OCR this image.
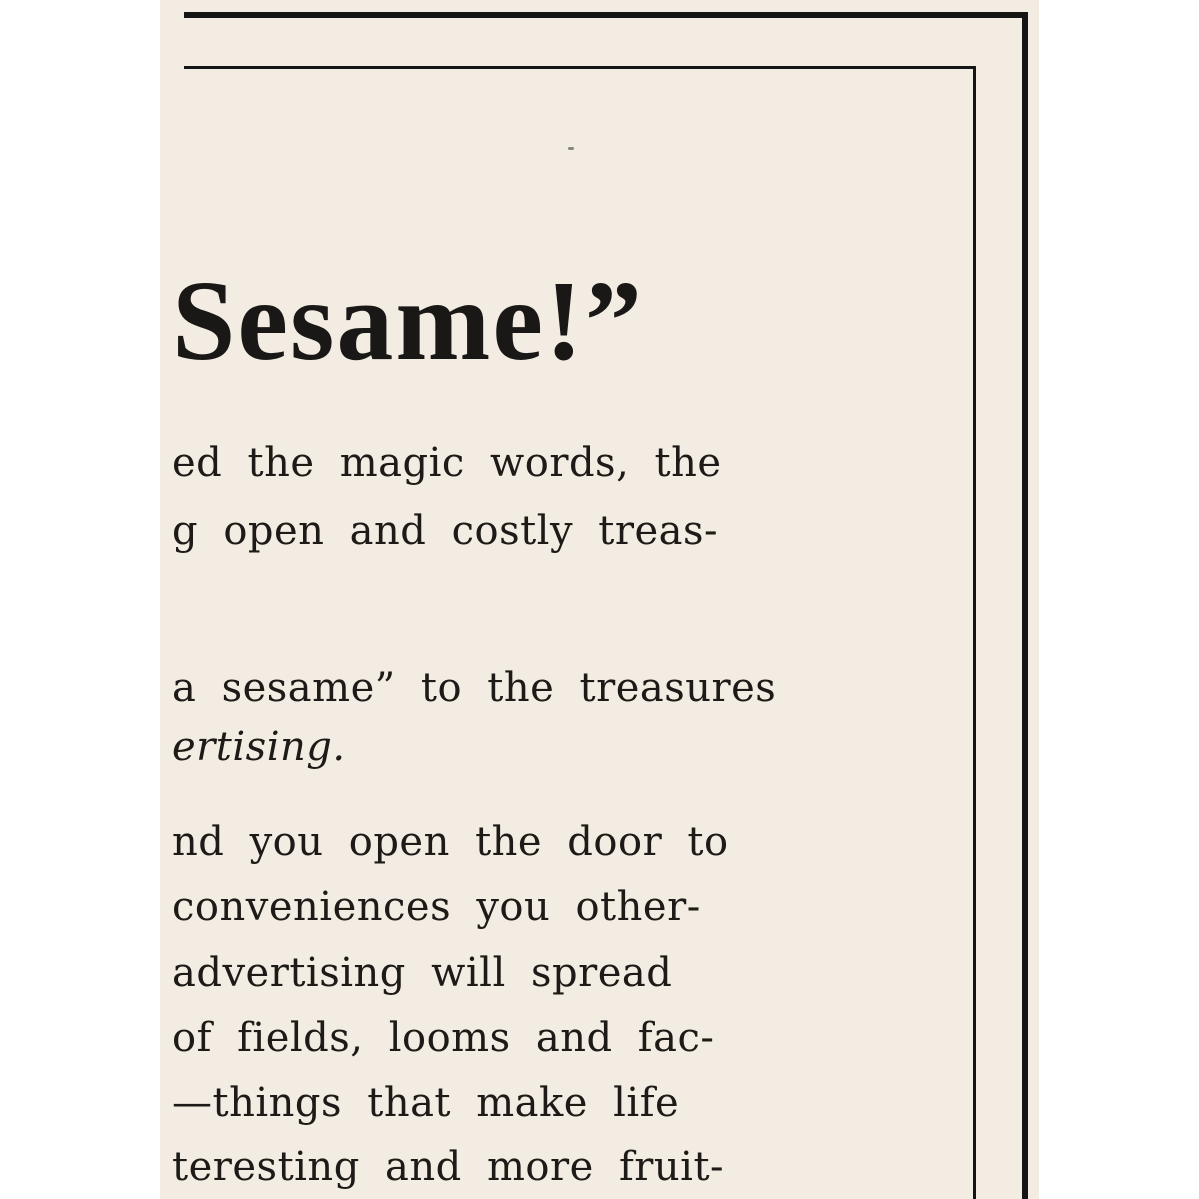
Sesame!”
ed the magic words, the
g open and costly treas-
a sesame” to the treasures
ertising.
nd you open the door to
conveniences you other-
advertising will spread
of fields, looms and fac-
—things that make life
teresting and more fruit-
